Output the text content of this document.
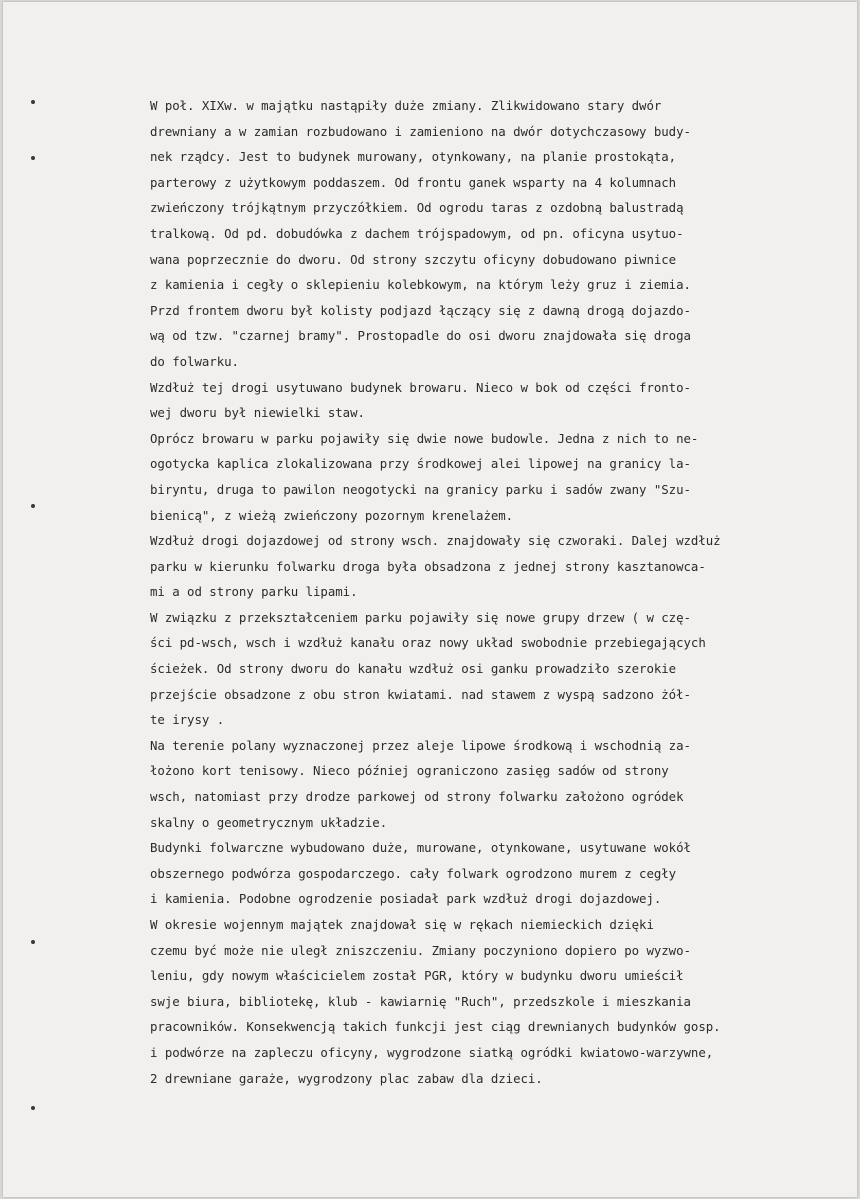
W poł. XIXw. w majątku nastąpiły duże zmiany. Zlikwidowano stary dwór
drewniany a w zamian rozbudowano i zamieniono na dwór dotychczasowy budy-
nek rządcy. Jest to budynek murowany, otynkowany, na planie prostokąta,
parterowy z użytkowym poddaszem. Od frontu ganek wsparty na 4 kolumnach
zwieńczony trójkątnym przyczółkiem. Od ogrodu taras z ozdobną balustradą
tralkową. Od pd. dobudówka z dachem trójspadowym, od pn. oficyna usytuo-
wana poprzecznie do dworu. Od strony szczytu oficyny dobudowano piwnice
z kamienia i cegły o sklepieniu kolebkowym, na którym leży gruz i ziemia.
Przd frontem dworu był kolisty podjazd łączący się z dawną drogą dojazdo-
wą od tzw. "czarnej bramy". Prostopadle do osi dworu znajdowała się droga
do folwarku.
Wzdłuż tej drogi usytuwano budynek browaru. Nieco w bok od części fronto-
wej dworu był niewielki staw.
Oprócz browaru w parku pojawiły się dwie nowe budowle. Jedna z nich to ne-
ogotycka kaplica zlokalizowana przy środkowej alei lipowej na granicy la-
biryntu, druga to pawilon neogotycki na granicy parku i sadów zwany "Szu-
bienicą", z wieżą zwieńczony pozornym krenelażem.
Wzdłuż drogi dojazdowej od strony wsch. znajdowały się czworaki. Dalej wzdłuż
parku w kierunku folwarku droga była obsadzona z jednej strony kasztanowca-
mi a od strony parku lipami.
W związku z przekształceniem parku pojawiły się nowe grupy drzew ( w czę-
ści pd-wsch, wsch i wzdłuż kanału oraz nowy układ swobodnie przebiegających
ścieżek. Od strony dworu do kanału wzdłuż osi ganku prowadziło szerokie
przejście obsadzone z obu stron kwiatami. nad stawem z wyspą sadzono żół-
te irysy .
Na terenie polany wyznaczonej przez aleje lipowe środkową i wschodnią za-
łożono kort tenisowy. Nieco później ograniczono zasięg sadów od strony
wsch, natomiast przy drodze parkowej od strony folwarku założono ogródek
skalny o geometrycznym układzie.
Budynki folwarczne wybudowano duże, murowane, otynkowane, usytuwane wokół
obszernego podwórza gospodarczego. cały folwark ogrodzono murem z cegły
i kamienia. Podobne ogrodzenie posiadał park wzdłuż drogi dojazdowej.
W okresie wojennym majątek znajdował się w rękach niemieckich dzięki
czemu być może nie uległ zniszczeniu. Zmiany poczyniono dopiero po wyzwo-
leniu, gdy nowym właścicielem został PGR, który w budynku dworu umieścił
swje biura, bibliotekę, klub - kawiarnię "Ruch", przedszkole i mieszkania
pracowników. Konsekwencją takich funkcji jest ciąg drewnianych budynków gosp.
i podwórze na zapleczu oficyny, wygrodzone siatką ogródki kwiatowo-warzywne,
2 drewniane garaże, wygrodzony plac zabaw dla dzieci.
